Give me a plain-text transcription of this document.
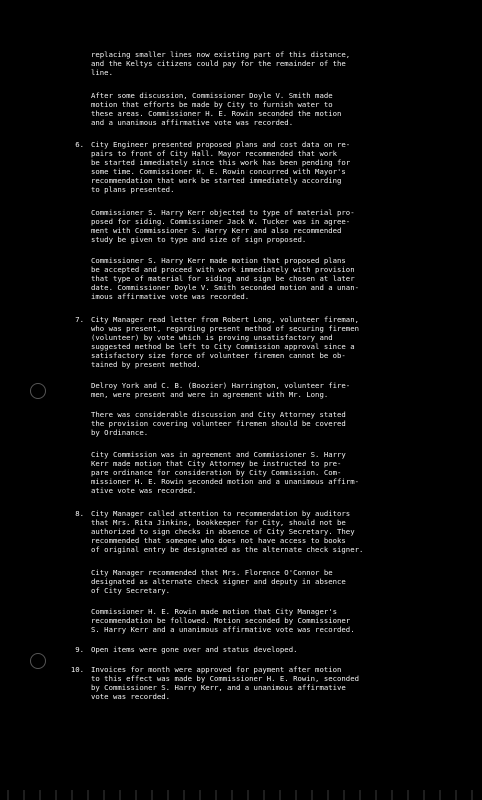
replacing smaller lines now existing part of this distance,
and the Keltys citizens could pay for the remainder of the
line.

After some discussion, Commissioner Doyle V. Smith made
motion that efforts be made by City to furnish water to
these areas. Commissioner H. E. Rowin seconded the motion
and a unanimous affirmative vote was recorded.

6. City Engineer presented proposed plans and cost data on re-
pairs to front of City Hall. Mayor recommended that work
be started immediately since this work has been pending for
some time. Commissioner H. E. Rowin concurred with Mayor's
recommendation that work be started immediately according
to plans presented.

Commissioner S. Harry Kerr objected to type of material pro-
posed for siding. Commissioner Jack W. Tucker was in agree-
ment with Commissioner S. Harry Kerr and also recommended
study be given to type and size of sign proposed.

Commissioner S. Harry Kerr made motion that proposed plans
be accepted and proceed with work immediately with provision
that type of material for siding and sign be chosen at later
date. Commissioner Doyle V. Smith seconded motion and a unan-
imous affirmative vote was recorded.

7. City Manager read letter from Robert Long, volunteer fireman,
who was present, regarding present method of securing firemen
(volunteer) by vote which is proving unsatisfactory and
suggested method be left to City Commission approval since a
satisfactory size force of volunteer firemen cannot be ob-
tained by present method.

Delroy York and C. B. (Boozier) Harrington, volunteer fire-
men, were present and were in agreement with Mr. Long.

There was considerable discussion and City Attorney stated
the provision covering volunteer firemen should be covered
by Ordinance.

City Commission was in agreement and Commissioner S. Harry
Kerr made motion that City Attorney be instructed to pre-
pare ordinance for consideration by City Commission. Com-
missioner H. E. Rowin seconded motion and a unanimous affirm-
ative vote was recorded.

8. City Manager called attention to recommendation by auditors
that Mrs. Rita Jinkins, bookkeeper for City, should not be
authorized to sign checks in absence of City Secretary. They
recommended that someone who does not have access to books
of original entry be designated as the alternate check signer.

City Manager recommended that Mrs. Florence O'Connor be
designated as alternate check signer and deputy in absence
of City Secretary.

Commissioner H. E. Rowin made motion that City Manager's
recommendation be followed. Motion seconded by Commissioner
S. Harry Kerr and a unanimous affirmative vote was recorded.

9. Open items were gone over and status developed.

10. Invoices for month were approved for payment after motion
to this effect was made by Commissioner H. E. Rowin, seconded
by Commissioner S. Harry Kerr, and a unanimous affirmative
vote was recorded.
